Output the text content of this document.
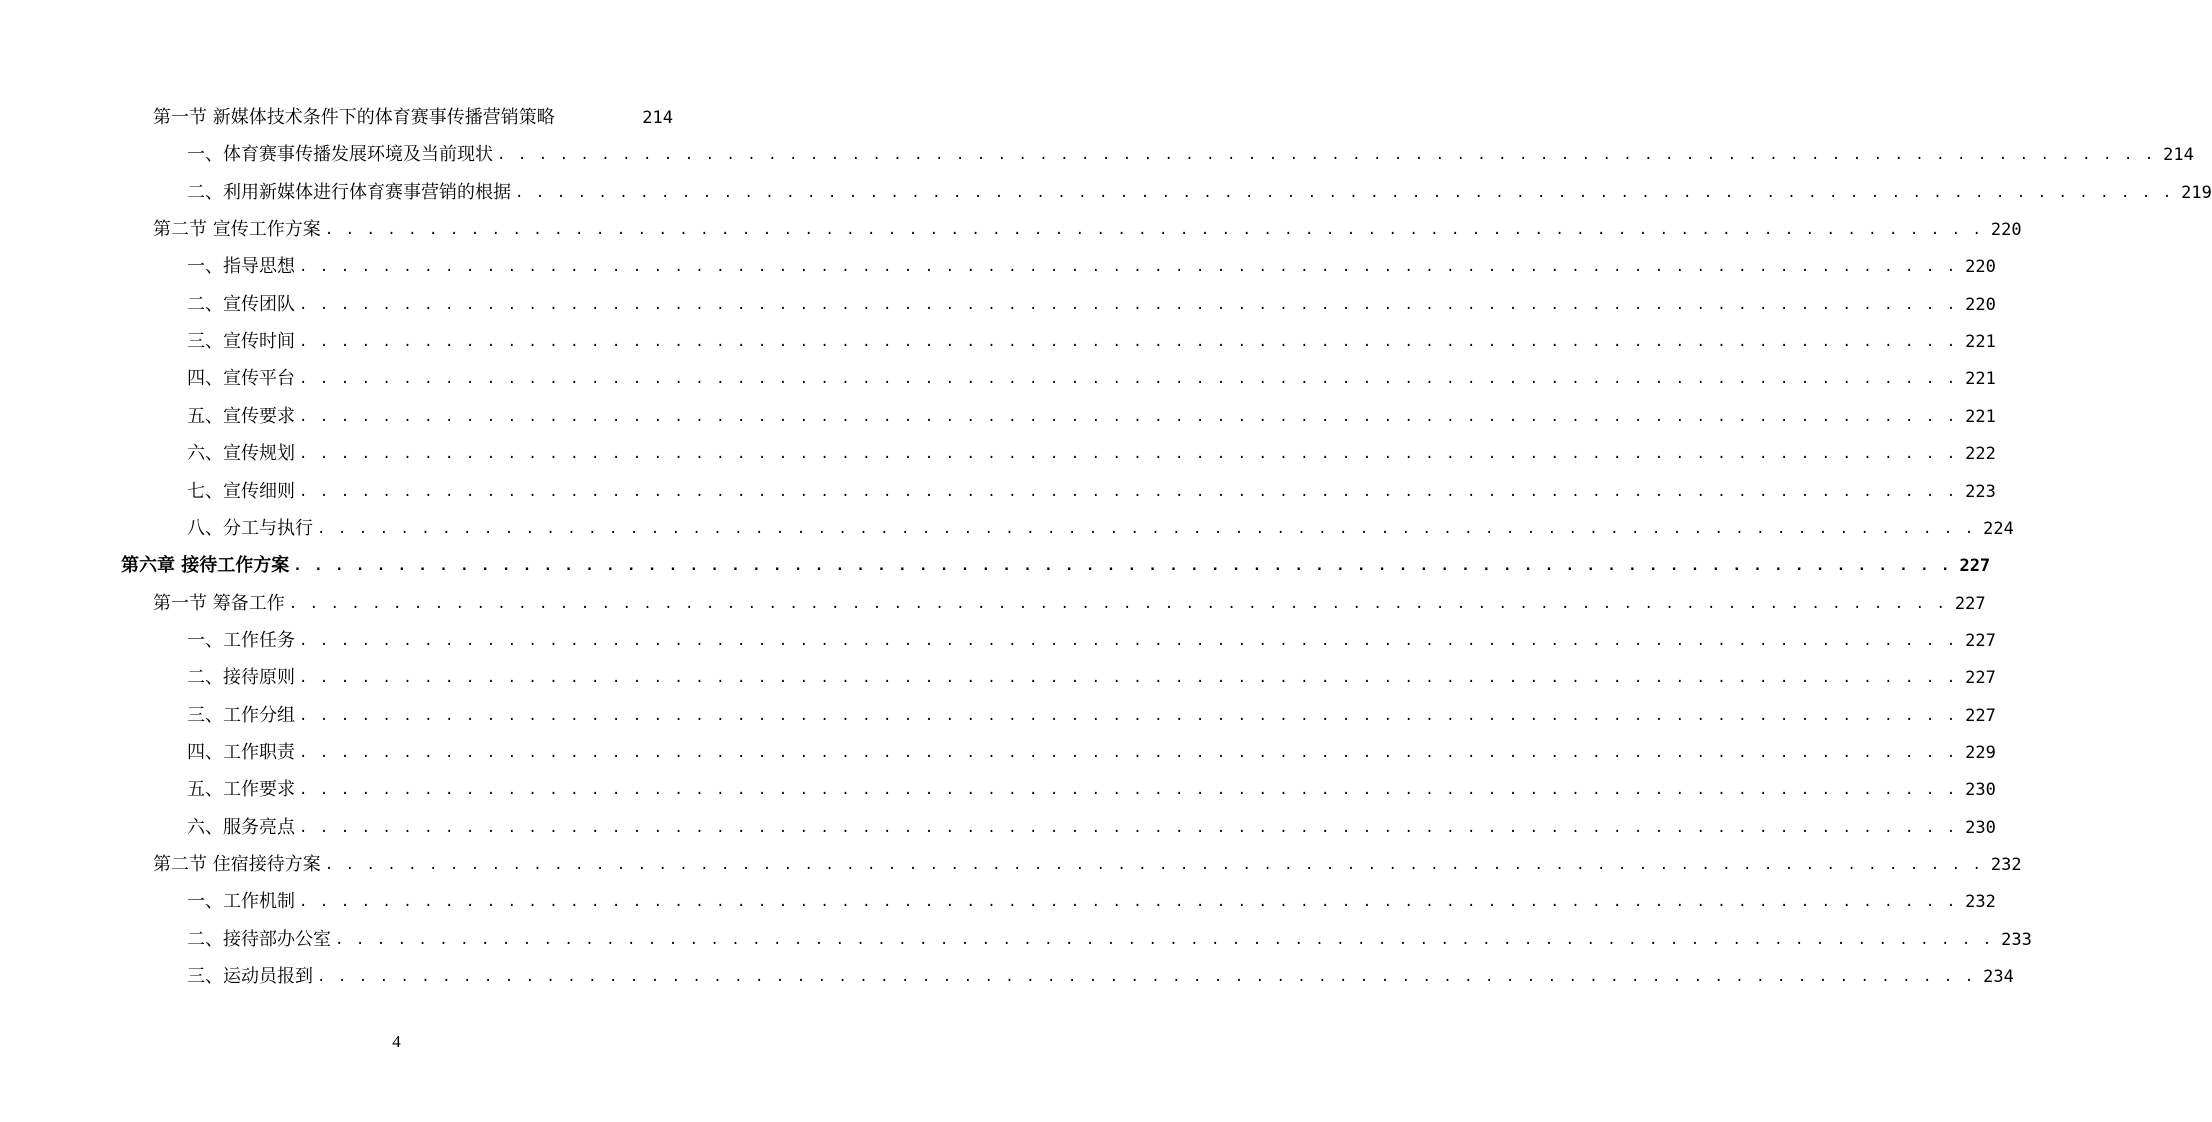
第一节 新媒体技术条件下的体育赛事传播营销策略	214
一、体育赛事传播发展环境及当前现状 . . . . . . . . . . . . . . . . . . . . . . . . . . . . . . . . . . . . . . . . . . . . . . . . . . . . . . . . . . . . . . . . . . . . . . . . . . . . . . . . 214
二、利用新媒体进行体育赛事营销的根据 . . . . . . . . . . . . . . . . . . . . . . . . . . . . . . . . . . . . . . . . . . . . . . . . . . . . . . . . . . . . . . . . . . . . . . . . . . . . . . . . 219
第二节 宣传工作方案 . . . . . . . . . . . . . . . . . . . . . . . . . . . . . . . . . . . . . . . . . . . . . . . . . . . . . . . . . . . . . . . . . . . . . . . . . . . . . . . . 220
一、指导思想 . . . . . . . . . . . . . . . . . . . . . . . . . . . . . . . . . . . . . . . . . . . . . . . . . . . . . . . . . . . . . . . . . . . . . . . . . . . . . . . . 220
二、宣传团队 . . . . . . . . . . . . . . . . . . . . . . . . . . . . . . . . . . . . . . . . . . . . . . . . . . . . . . . . . . . . . . . . . . . . . . . . . . . . . . . . 220
三、宣传时间 . . . . . . . . . . . . . . . . . . . . . . . . . . . . . . . . . . . . . . . . . . . . . . . . . . . . . . . . . . . . . . . . . . . . . . . . . . . . . . . . 221
四、宣传平台 . . . . . . . . . . . . . . . . . . . . . . . . . . . . . . . . . . . . . . . . . . . . . . . . . . . . . . . . . . . . . . . . . . . . . . . . . . . . . . . . 221
五、宣传要求 . . . . . . . . . . . . . . . . . . . . . . . . . . . . . . . . . . . . . . . . . . . . . . . . . . . . . . . . . . . . . . . . . . . . . . . . . . . . . . . . 221
六、宣传规划 . . . . . . . . . . . . . . . . . . . . . . . . . . . . . . . . . . . . . . . . . . . . . . . . . . . . . . . . . . . . . . . . . . . . . . . . . . . . . . . . 222
七、宣传细则 . . . . . . . . . . . . . . . . . . . . . . . . . . . . . . . . . . . . . . . . . . . . . . . . . . . . . . . . . . . . . . . . . . . . . . . . . . . . . . . . 223
八、分工与执行 . . . . . . . . . . . . . . . . . . . . . . . . . . . . . . . . . . . . . . . . . . . . . . . . . . . . . . . . . . . . . . . . . . . . . . . . . . . . . . . . 224
第六章 接待工作方案 . . . . . . . . . . . . . . . . . . . . . . . . . . . . . . . . . . . . . . . . . . . . . . . . . . . . . . . . . . . . . . . . . . . . . . . . . . . . . . . . 227
第一节 筹备工作 . . . . . . . . . . . . . . . . . . . . . . . . . . . . . . . . . . . . . . . . . . . . . . . . . . . . . . . . . . . . . . . . . . . . . . . . . . . . . . . . 227
一、工作任务 . . . . . . . . . . . . . . . . . . . . . . . . . . . . . . . . . . . . . . . . . . . . . . . . . . . . . . . . . . . . . . . . . . . . . . . . . . . . . . . . 227
二、接待原则 . . . . . . . . . . . . . . . . . . . . . . . . . . . . . . . . . . . . . . . . . . . . . . . . . . . . . . . . . . . . . . . . . . . . . . . . . . . . . . . . 227
三、工作分组 . . . . . . . . . . . . . . . . . . . . . . . . . . . . . . . . . . . . . . . . . . . . . . . . . . . . . . . . . . . . . . . . . . . . . . . . . . . . . . . . 227
四、工作职责 . . . . . . . . . . . . . . . . . . . . . . . . . . . . . . . . . . . . . . . . . . . . . . . . . . . . . . . . . . . . . . . . . . . . . . . . . . . . . . . . 229
五、工作要求 . . . . . . . . . . . . . . . . . . . . . . . . . . . . . . . . . . . . . . . . . . . . . . . . . . . . . . . . . . . . . . . . . . . . . . . . . . . . . . . . 230
六、服务亮点 . . . . . . . . . . . . . . . . . . . . . . . . . . . . . . . . . . . . . . . . . . . . . . . . . . . . . . . . . . . . . . . . . . . . . . . . . . . . . . . . 230
第二节 住宿接待方案 . . . . . . . . . . . . . . . . . . . . . . . . . . . . . . . . . . . . . . . . . . . . . . . . . . . . . . . . . . . . . . . . . . . . . . . . . . . . . . . . 232
一、工作机制 . . . . . . . . . . . . . . . . . . . . . . . . . . . . . . . . . . . . . . . . . . . . . . . . . . . . . . . . . . . . . . . . . . . . . . . . . . . . . . . . 232
二、接待部办公室 . . . . . . . . . . . . . . . . . . . . . . . . . . . . . . . . . . . . . . . . . . . . . . . . . . . . . . . . . . . . . . . . . . . . . . . . . . . . . . . . 233
三、运动员报到 . . . . . . . . . . . . . . . . . . . . . . . . . . . . . . . . . . . . . . . . . . . . . . . . . . . . . . . . . . . . . . . . . . . . . . . . . . . . . . . . 234
4
